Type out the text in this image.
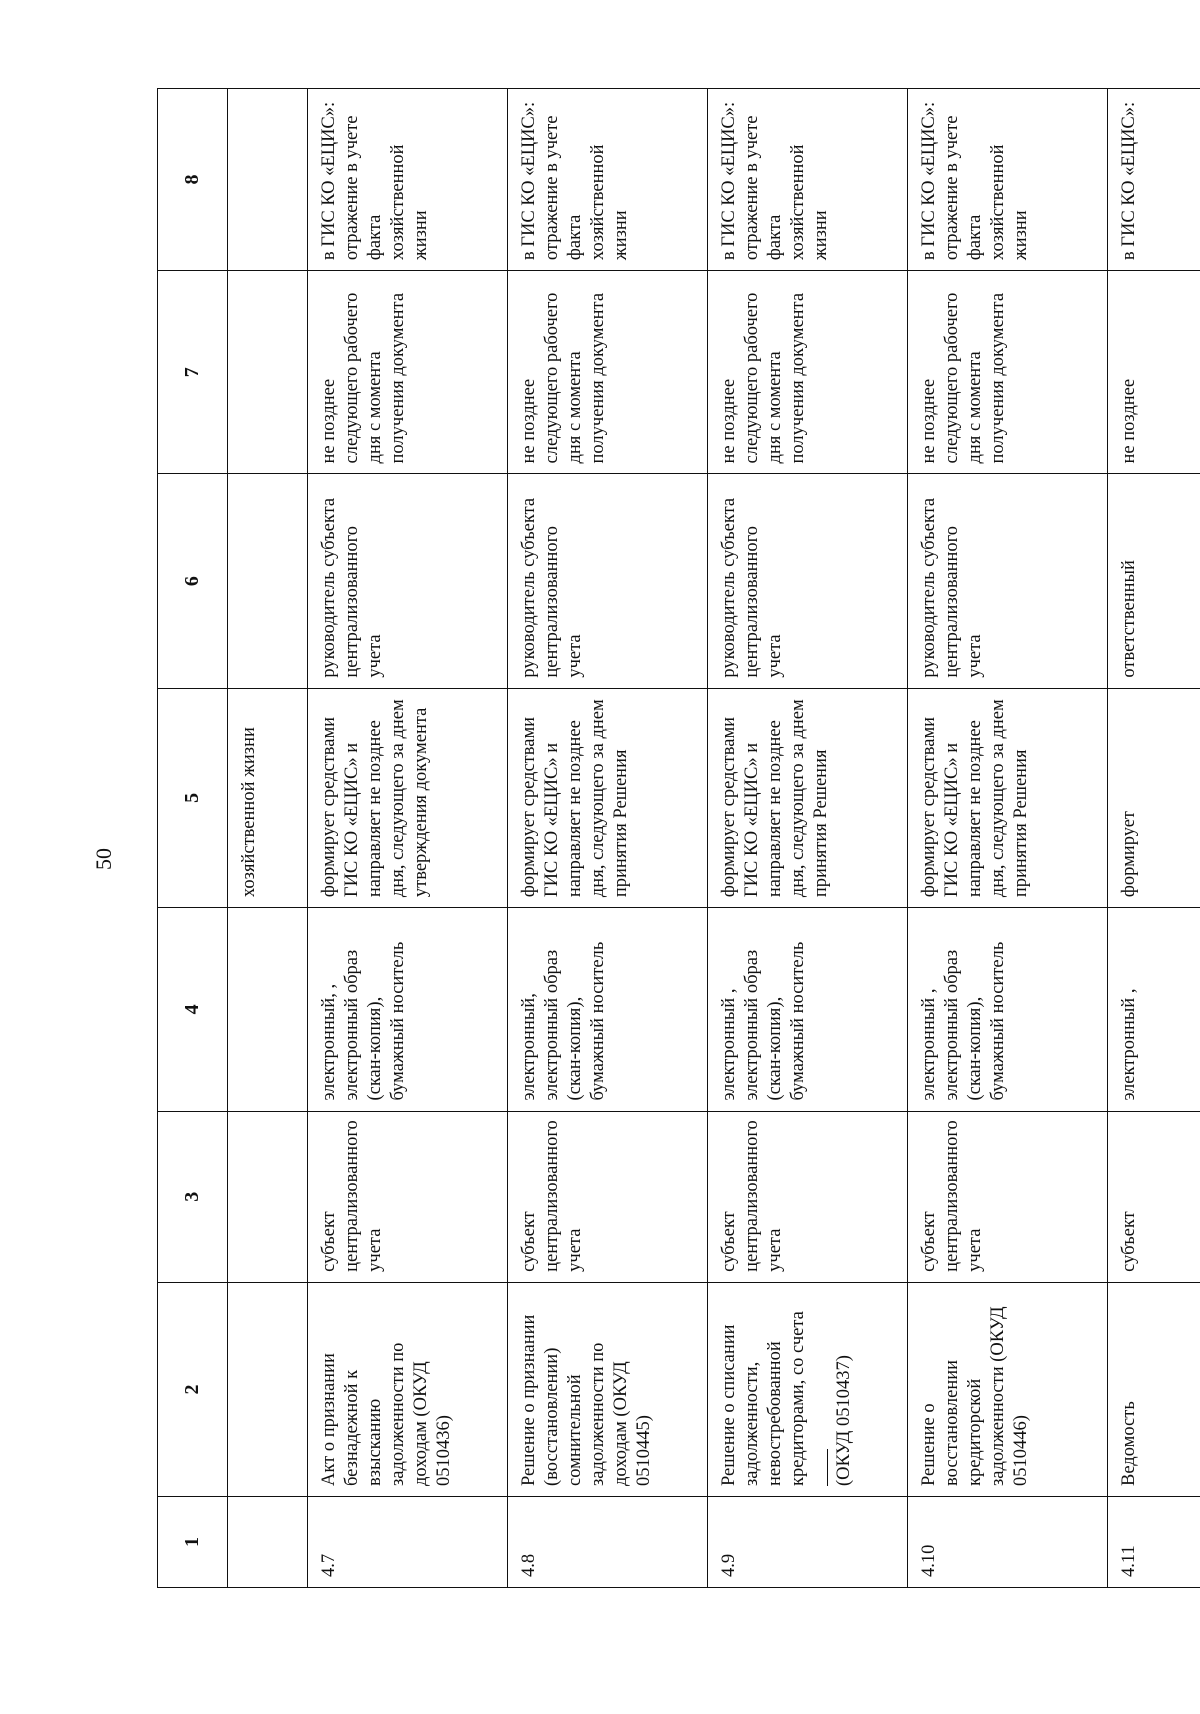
50
1	2	3	4	5	6	7	8
				хозяйственной жизни			
4.7	Акт о признании безнадежной к взысканию задолженности по доходам (ОКУД 0510436)	субъект централизованного учета	электронный, , электронный образ (скан-копия), бумажный носитель	формирует средствами ГИС КО «ЕЦИС» и направляет не позднее дня, следующего за днем утверждения документа	руководитель субъекта централизованного учета	не позднее следующего рабочего дня с момента получения документа	в ГИС КО «ЕЦИС»: отражение в учете факта хозяйственной жизни
4.8	Решение о признании (восстановлении) сомнительной задолженности по доходам (ОКУД 0510445)	субъект централизованного учета	электронный, электронный образ (скан-копия), бумажный носитель	формирует средствами ГИС КО «ЕЦИС» и направляет не позднее дня, следующего за днем принятия Решения	руководитель субъекта централизованного учета	не позднее следующего рабочего дня с момента получения документа	в ГИС КО «ЕЦИС»: отражение в учете факта хозяйственной жизни
4.9	Решение о списании задолженности, невостребованной кредиторами, со счета (ОКУД 0510437)	субъект централизованного учета	электронный , электронный образ (скан-копия), бумажный носитель	формирует средствами ГИС КО «ЕЦИС» и направляет не позднее дня, следующего за днем принятия Решения	руководитель субъекта централизованного учета	не позднее следующего рабочего дня с момента получения документа	в ГИС КО «ЕЦИС»: отражение в учете факта хозяйственной жизни
4.10	Решение о восстановлении кредиторской задолженности (ОКУД 0510446)	субъект централизованного учета	электронный , электронный образ (скан-копия), бумажный носитель	формирует средствами ГИС КО «ЕЦИС» и направляет не позднее дня, следующего за днем принятия Решения	руководитель субъекта централизованного учета	не позднее следующего рабочего дня с момента получения документа	в ГИС КО «ЕЦИС»: отражение в учете факта хозяйственной жизни
4.11	Ведомость	субъект	электронный ,	формирует	ответственный	не позднее	в ГИС КО «ЕЦИС»:
